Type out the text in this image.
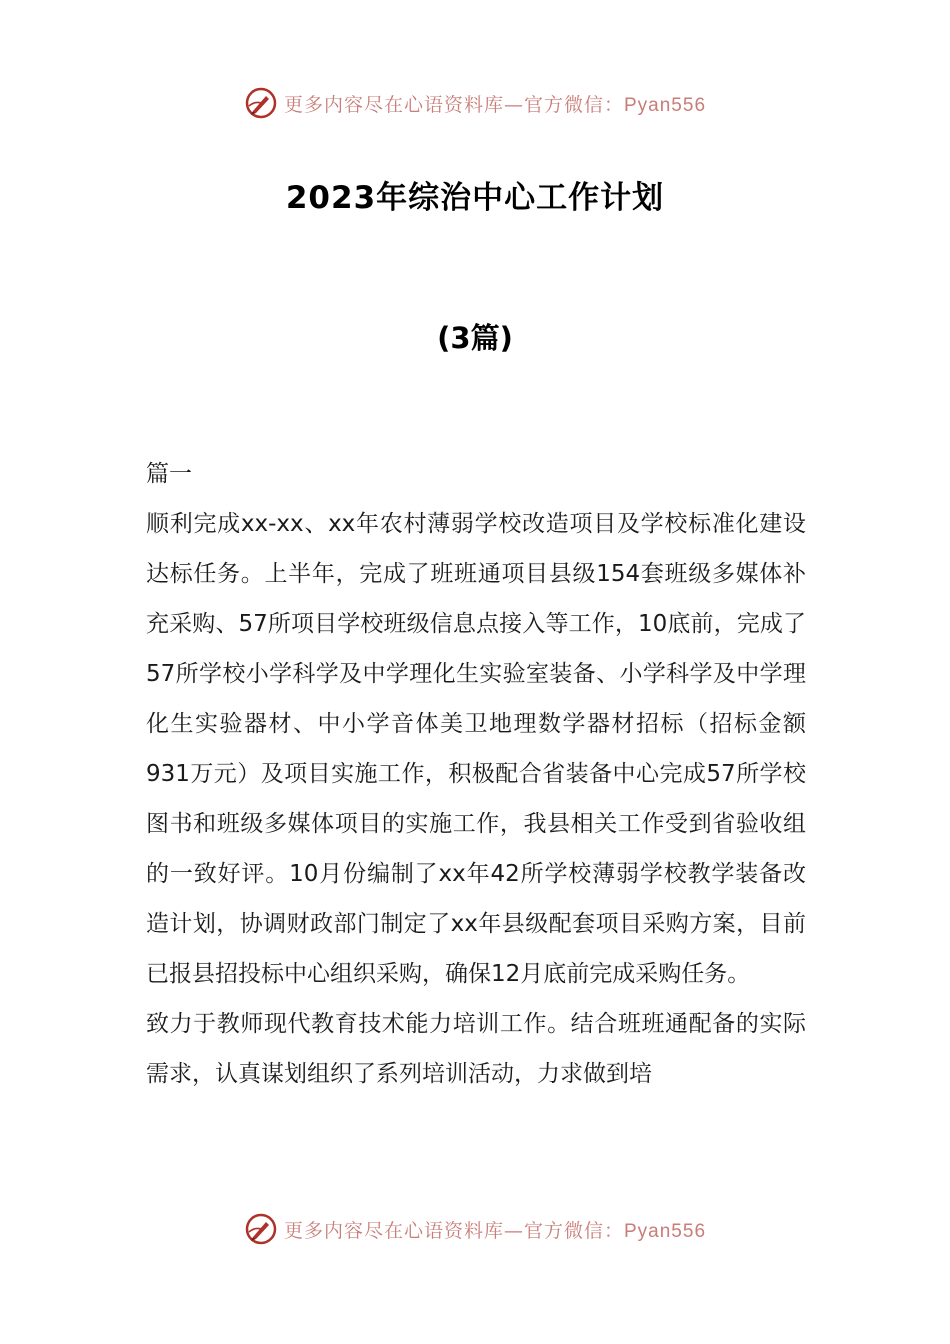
更多内容尽在心语资料库—官方微信：Pyan556
2023年综治中心工作计划
(3篇)

篇一

顺利完成xx-xx、xx年农村薄弱学校改造项目及学校标准化建设达标任务。上半年，完成了班班通项目县级154套班级多媒体补充采购、57所项目学校班级信息点接入等工作，10底前，完成了57所学校小学科学及中学理化生实验室装备、小学科学及中学理化生实验器材、中小学音体美卫地理数学器材招标（招标金额931万元）及项目实施工作，积极配合省装备中心完成57所学校图书和班级多媒体项目的实施工作，我县相关工作受到省验收组的一致好评。10月份编制了xx年42所学校薄弱学校教学装备改造计划，协调财政部门制定了xx年县级配套项目采购方案，目前已报县招投标中心组织采购，确保12月底前完成采购任务。

致力于教师现代教育技术能力培训工作。结合班班通配备的实际需求，认真谋划组织了系列培训活动，力求做到培

更多内容尽在心语资料库—官方微信：Pyan556
